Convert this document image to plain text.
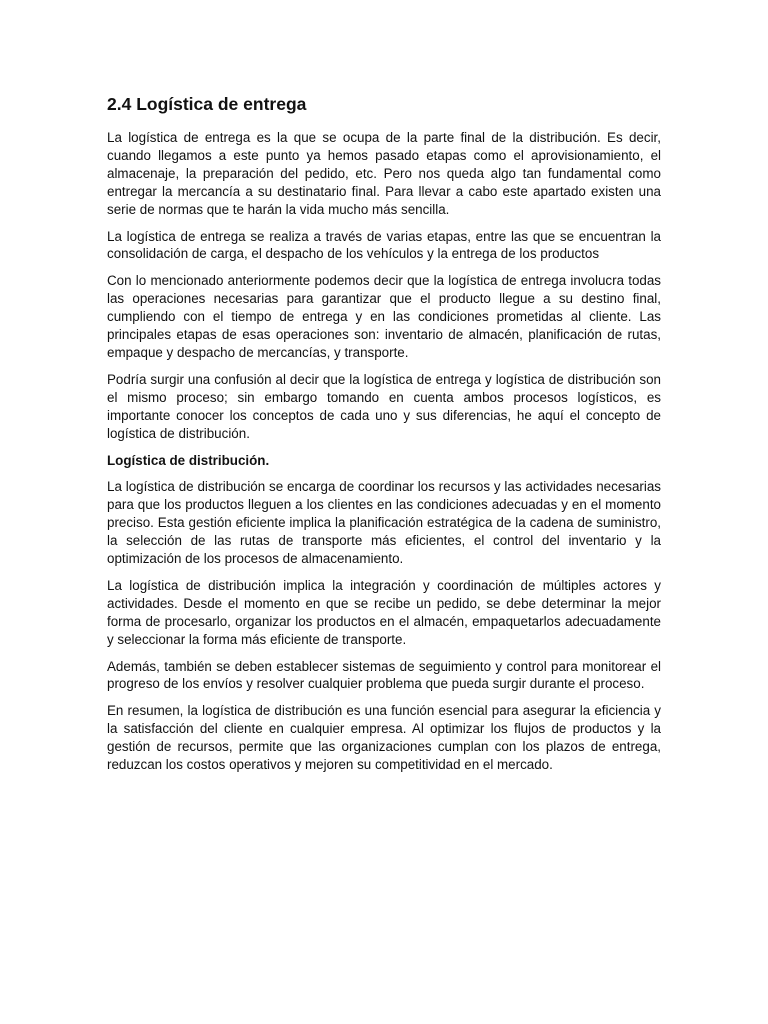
2.4 Logística de entrega

La logística de entrega es la que se ocupa de la parte final de la distribución. Es decir, cuando llegamos a este punto ya hemos pasado etapas como el aprovisionamiento, el almacenaje, la preparación del pedido, etc. Pero nos queda algo tan fundamental como entregar la mercancía a su destinatario final. Para llevar a cabo este apartado existen una serie de normas que te harán la vida mucho más sencilla.

La logística de entrega se realiza a través de varias etapas, entre las que se encuentran la consolidación de carga, el despacho de los vehículos y la entrega de los productos

Con lo mencionado anteriormente podemos decir que la logística de entrega involucra todas las operaciones necesarias para garantizar que el producto llegue a su destino final, cumpliendo con el tiempo de entrega y en las condiciones prometidas al cliente. Las principales etapas de esas operaciones son: inventario de almacén, planificación de rutas, empaque y despacho de mercancías, y transporte.

Podría surgir una confusión al decir que la logística de entrega y logística de distribución son el mismo proceso; sin embargo tomando en cuenta ambos procesos logísticos, es importante conocer los conceptos de cada uno y sus diferencias, he aquí el concepto de logística de distribución.

Logística de distribución.

La logística de distribución se encarga de coordinar los recursos y las actividades necesarias para que los productos lleguen a los clientes en las condiciones adecuadas y en el momento preciso. Esta gestión eficiente implica la planificación estratégica de la cadena de suministro, la selección de las rutas de transporte más eficientes, el control del inventario y la optimización de los procesos de almacenamiento.

La logística de distribución implica la integración y coordinación de múltiples actores y actividades. Desde el momento en que se recibe un pedido, se debe determinar la mejor forma de procesarlo, organizar los productos en el almacén, empaquetarlos adecuadamente y seleccionar la forma más eficiente de transporte.

Además, también se deben establecer sistemas de seguimiento y control para monitorear el progreso de los envíos y resolver cualquier problema que pueda surgir durante el proceso.

En resumen, la logística de distribución es una función esencial para asegurar la eficiencia y la satisfacción del cliente en cualquier empresa. Al optimizar los flujos de productos y la gestión de recursos, permite que las organizaciones cumplan con los plazos de entrega, reduzcan los costos operativos y mejoren su competitividad en el mercado.
